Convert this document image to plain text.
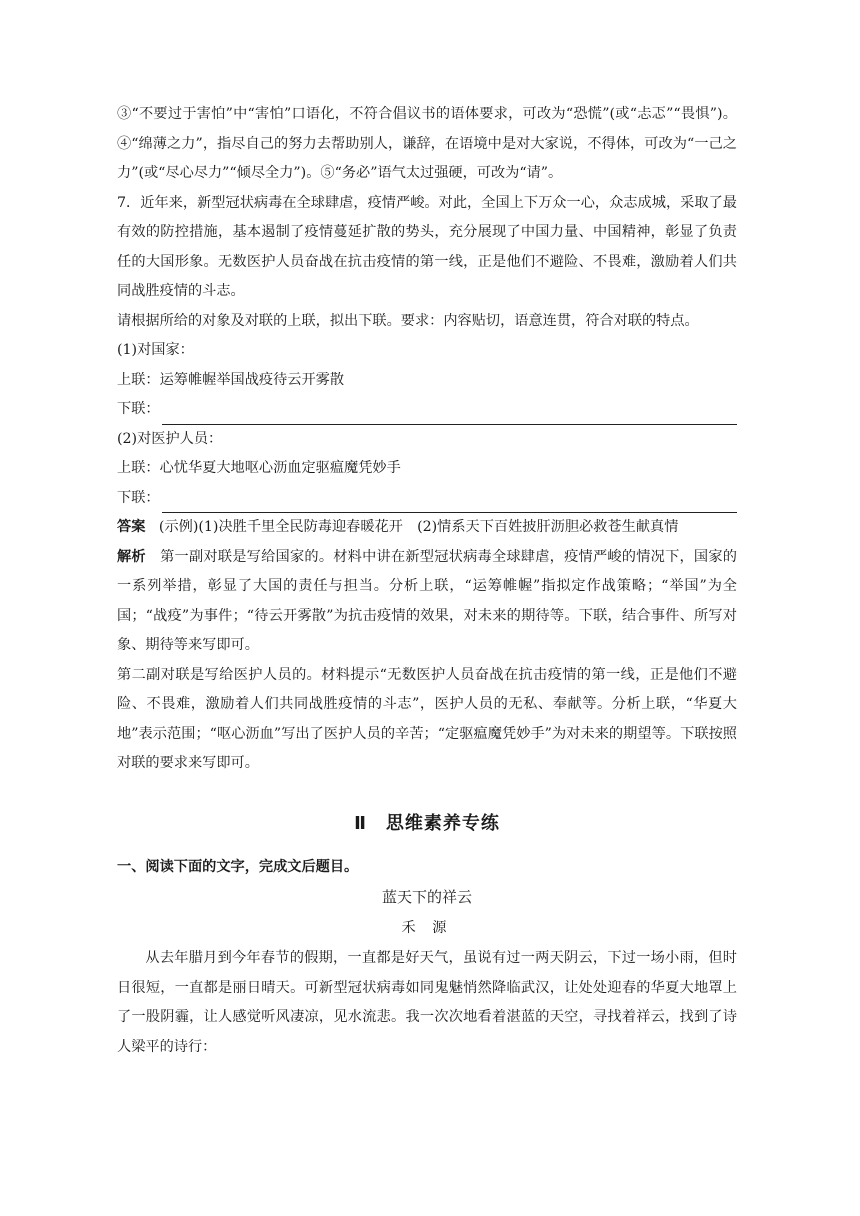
③“不要过于害怕”中“害怕”口语化，不符合倡议书的语体要求，可改为“恐慌”(或“忐忑”“畏惧”)。④“绵薄之力”，指尽自己的努力去帮助别人，谦辞，在语境中是对大家说，不得体，可改为“一己之力”(或“尽心尽力”“倾尽全力”)。⑤“务必”语气太过强硬，可改为“请”。

7．近年来，新型冠状病毒在全球肆虐，疫情严峻。对此，全国上下万众一心，众志成城，采取了最有效的防控措施，基本遏制了疫情蔓延扩散的势头，充分展现了中国力量、中国精神，彰显了负责任的大国形象。无数医护人员奋战在抗击疫情的第一线，正是他们不避险、不畏难，激励着人们共同战胜疫情的斗志。

请根据所给的对象及对联的上联，拟出下联。要求：内容贴切，语意连贯，符合对联的特点。

(1)对国家：

上联：运筹帷幄举国战疫待云开雾散

下联：

(2)对医护人员：

上联：心忧华夏大地呕心沥血定驱瘟魔凭妙手

下联：

答案 (示例)(1)决胜千里全民防毒迎春暖花开　(2)情系天下百姓披肝沥胆必救苍生献真情

解析 第一副对联是写给国家的。材料中讲在新型冠状病毒全球肆虐，疫情严峻的情况下，国家的一系列举措，彰显了大国的责任与担当。分析上联，“运筹帷幄”指拟定作战策略；“举国”为全国；“战疫”为事件；“待云开雾散”为抗击疫情的效果，对未来的期待等。下联，结合事件、所写对象、期待等来写即可。

第二副对联是写给医护人员的。材料提示“无数医护人员奋战在抗击疫情的第一线，正是他们不避险、不畏难，激励着人们共同战胜疫情的斗志”，医护人员的无私、奉献等。分析上联，“华夏大地”表示范围；“呕心沥血”写出了医护人员的辛苦；“定驱瘟魔凭妙手”为对未来的期望等。下联按照对联的要求来写即可。

Ⅱ　思维素养专练

一、阅读下面的文字，完成文后题目。

蓝天下的祥云

禾 源

从去年腊月到今年春节的假期，一直都是好天气，虽说有过一两天阴云，下过一场小雨，但时日很短，一直都是丽日晴天。可新型冠状病毒如同鬼魅悄然降临武汉，让处处迎春的华夏大地罩上了一股阴霾，让人感觉听风凄凉，见水流悲。我一次次地看着湛蓝的天空，寻找着祥云，找到了诗人梁平的诗行：
